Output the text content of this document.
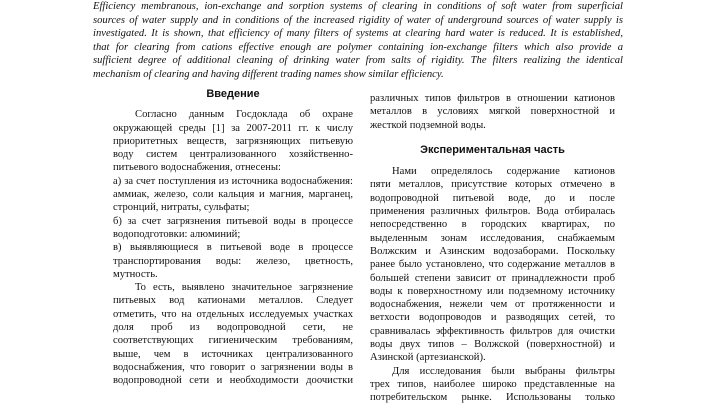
Efficiency membranous, ion-exchange and sorption systems of clearing in conditions of soft water from superficial
sources of water supply and in conditions of the increased rigidity of water of underground sources of water supply is
investigated. It is shown, that efficiency of many filters of systems at clearing hard water is reduced. It is established,
that for clearing from cations effective enough are polymer containing ion-exchange filters which also provide a
sufficient degree of additional cleaning of drinking water from salts of rigidity. The filters realizing the identical
mechanism of clearing and having different trading names show similar efficiency.

Введение

Согласно данным Госдоклада об охране
окружающей среды [1] за 2007-2011 гг. к числу
приоритетных веществ, загрязняющих питьевую
воду систем централизованного хозяйственно-
питьевого водоснабжения, отнесены:
а) за счет поступления из источника водоснабжения:
аммиак, железо, соли кальция и магния, марганец,
стронций, нитраты, сульфаты;
б) за счет загрязнения питьевой воды в процессе
водоподготовки: алюминий;
в) выявляющиеся в питьевой воде в процессе
транспортирования воды: железо, цветность,
мутность.
То есть, выявлено значительное загрязнение
питьевых вод катионами металлов. Следует
отметить, что на отдельных исследуемых участках
доля проб из водопроводной сети, не
соответствующих гигиеническим требованиям,
выше, чем в источниках централизованного
водоснабжения, что говорит о загрязнении воды в
водопроводной сети и необходимости доочистки
различных типов фильтров в отношении катионов
металлов в условиях мягкой поверхностной и
жесткой подземной воды.

Экспериментальная часть

Нами определялось содержание катионов
пяти металлов, присутствие которых отмечено в
водопроводной питьевой воде, до и после
применения различных фильтров. Вода отбиралась
непосредственно в городских квартирах, по
выделенным зонам исследования, снабжаемым
Волжским и Азинским водозаборами. Поскольку
ранее было установлено, что содержание металлов в
большей степени зависит от принадлежности проб
воды к поверхностному или подземному источнику
водоснабжения, нежели чем от протяженности и
ветхости водопроводов и разводящих сетей, то
сравнивалась эффективность фильтров для очистки
воды двух типов – Волжской (поверхностной) и
Азинской (артезианской).
Для исследования были выбраны фильтры
трех типов, наиболее широко представленные на
потребительском рынке. Использованы только
